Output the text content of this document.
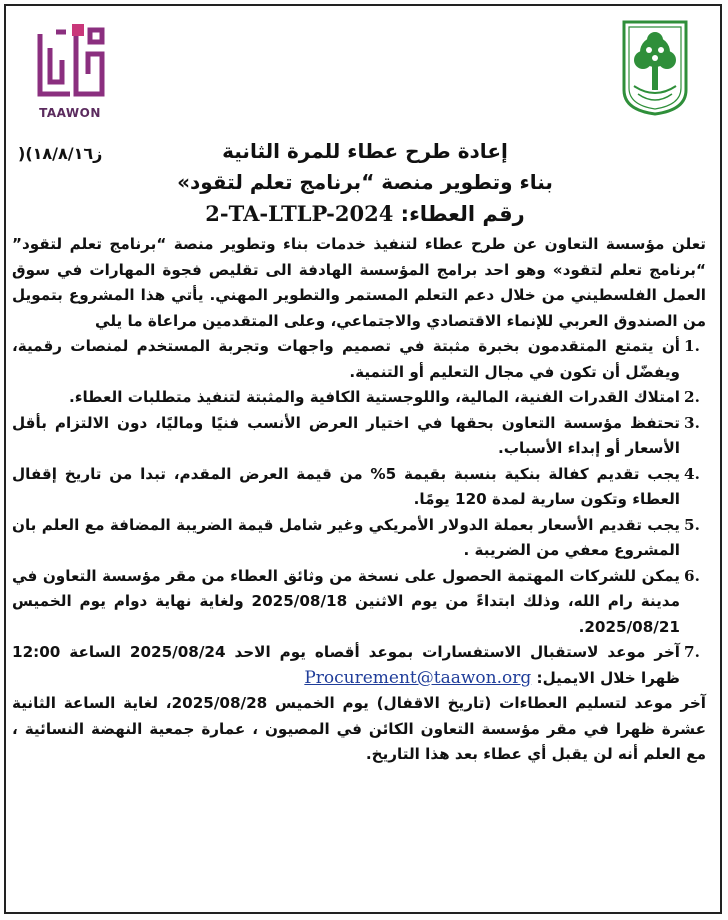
TAAWON
ز١٨/٨/١٦)(	إعادة طرح عطاء للمرة الثانية
بناء وتطوير منصة “برنامج تعلم لتقود»
رقم العطاء: 2-TA-LTLP-2024

تعلن مؤسسة التعاون عن طرح عطاء لتنفيذ خدمات بناء وتطوير منصة “برنامج تعلم لتقود” “برنامج تعلم لتقود» وهو احد برامج المؤسسة الهادفة الى تقليص فجوة المهارات في سوق العمل الفلسطيني من خلال دعم التعلم المستمر والتطوير المهني. يأتي هذا المشروع بتمويل من الصندوق العربي للإنماء الاقتصادي والاجتماعي، وعلى المتقدمين مراعاة ما يلي

1.
أن يتمتع المتقدمون بخبرة مثبتة في تصميم واجهات وتجربة المستخدم لمنصات رقمية، ويفضّل أن تكون في مجال التعليم أو التنمية.
2.
امتلاك القدرات الفنية، المالية، واللوجستية الكافية والمثبتة لتنفيذ متطلبات العطاء.
3.
تحتفظ مؤسسة التعاون بحقها في اختيار العرض الأنسب فنيًا وماليًا، دون الالتزام بأقل الأسعار أو إبداء الأسباب.
4.
يجب تقديم كفالة بنكية بنسبة بقيمة 5% من قيمة العرض المقدم، تبدا من تاريخ إقفال العطاء وتكون سارية لمدة 120 يومًا.
5.
يجب تقديم الأسعار بعملة الدولار الأمريكي وغير شامل قيمة الضريبة المضافة مع العلم بان المشروع معفي من الضريبة .
6.
يمكن للشركات المهتمة الحصول على نسخة من وثائق العطاء من مقر مؤسسة التعاون في مدينة رام الله، وذلك ابتداءً من يوم الاثنين 2025/08/18 ولغاية نهاية دوام يوم الخميس 2025/08/21.
7.
آخر موعد لاستقبال الاستفسارات بموعد أقصاه يوم الاحد 2025/08/24 الساعة 12:00 ظهرا خلال الايميل: Procurement@taawon.org

آخر موعد لتسليم العطاءات (تاريخ الاقفال) يوم الخميس 2025/08/28، لغاية الساعة الثانية عشرة ظهرا في مقر مؤسسة التعاون الكائن في المصيون ، عمارة جمعية النهضة النسائية ، مع العلم أنه لن يقبل أي عطاء بعد هذا التاريخ.
